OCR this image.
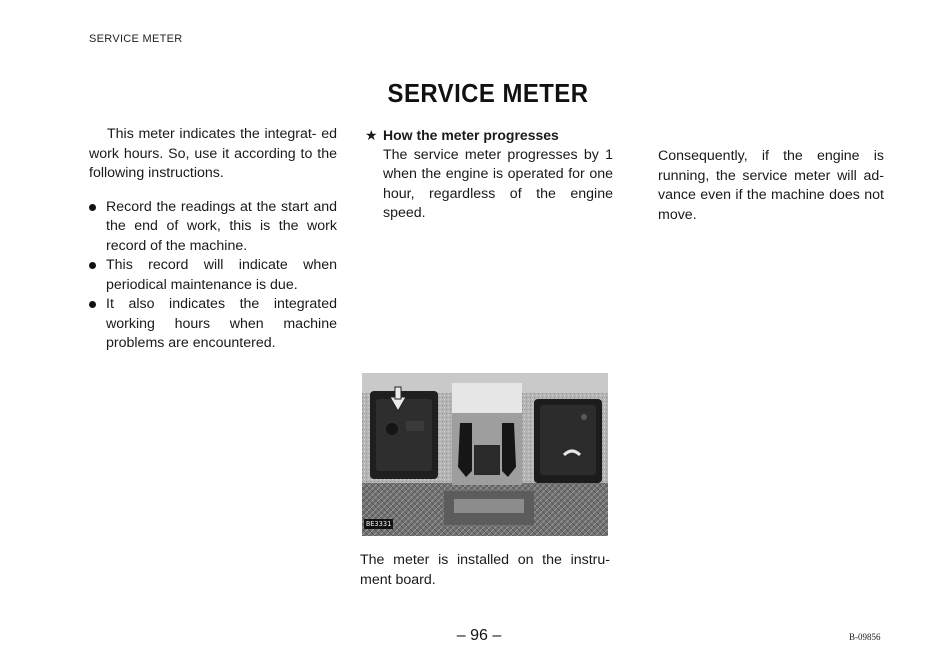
SERVICE METER
SERVICE METER

This meter indicates the integrat- ed work hours. So, use it according to the following instructions.

Record the readings at the start and the end of work, this is the work record of the machine.
This record will indicate when periodical maintenance is due.
It also indicates the integrated working hours when machine problems are encountered.

★ How the meter progresses

The service meter progresses by 1 when the engine is operated for one hour, regardless of the engine speed.

Consequently, if the engine is running, the service meter will ad- vance even if the machine does not move.

BE3331

The meter is installed on the instru- ment board.

– 96 –	B-09856
